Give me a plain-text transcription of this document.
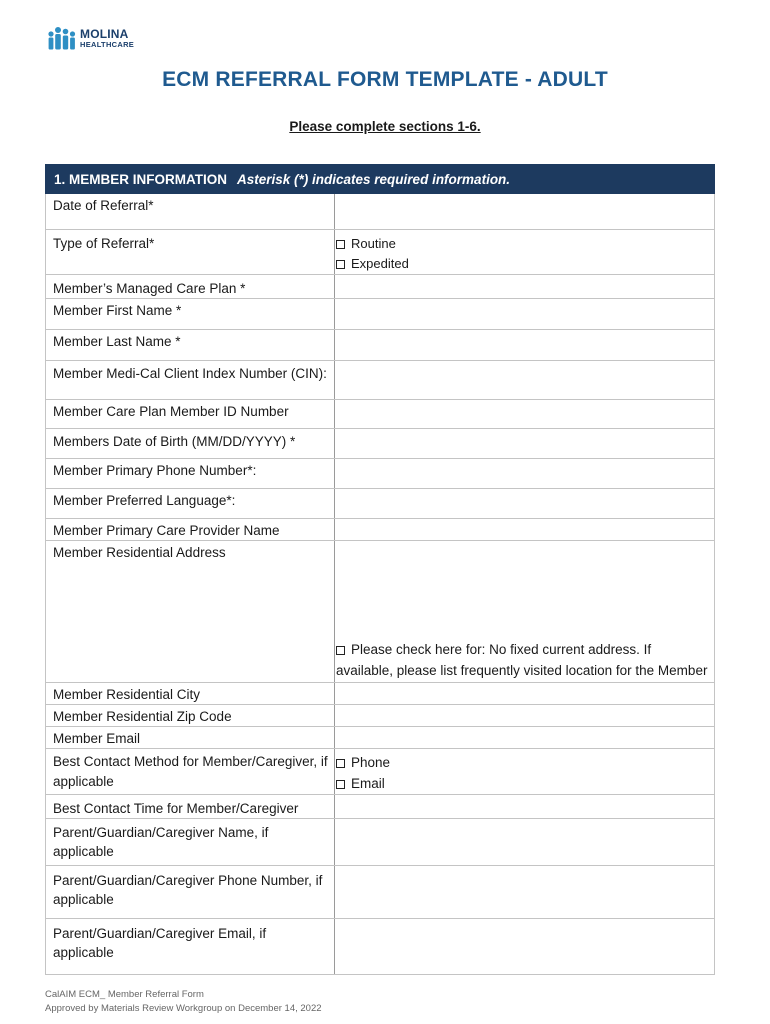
MOLINA
HEALTHCARE
ECM REFERRAL FORM TEMPLATE - ADULT
Please complete sections 1-6.
1. MEMBER INFORMATION Asterisk (*) indicates required information.	
Date of Referral*	
Type of Referral*	Routine
Expedited

Member’s Managed Care Plan *	
Member First Name *	
Member Last Name *	
Member Medi-Cal Client Index Number (CIN):	
Member Care Plan Member ID Number	
Members Date of Birth (MM/DD/YYYY) *	
Member Primary Phone Number*:	
Member Preferred Language*:	
Member Primary Care Provider Name	
Member Residential Address	Please check here for: No fixed current address. If available, please list frequently visited location for the Member

Member Residential City	
Member Residential Zip Code	
Member Email	
Best Contact Method for Member/Caregiver, if applicable	Phone
Email

Best Contact Time for Member/Caregiver	
Parent/Guardian/Caregiver Name, if applicable	
Parent/Guardian/Caregiver Phone Number, if applicable	
Parent/Guardian/Caregiver Email, if applicable	
CalAIM ECM_ Member Referral Form
Approved by Materials Review Workgroup on December 14, 2022
